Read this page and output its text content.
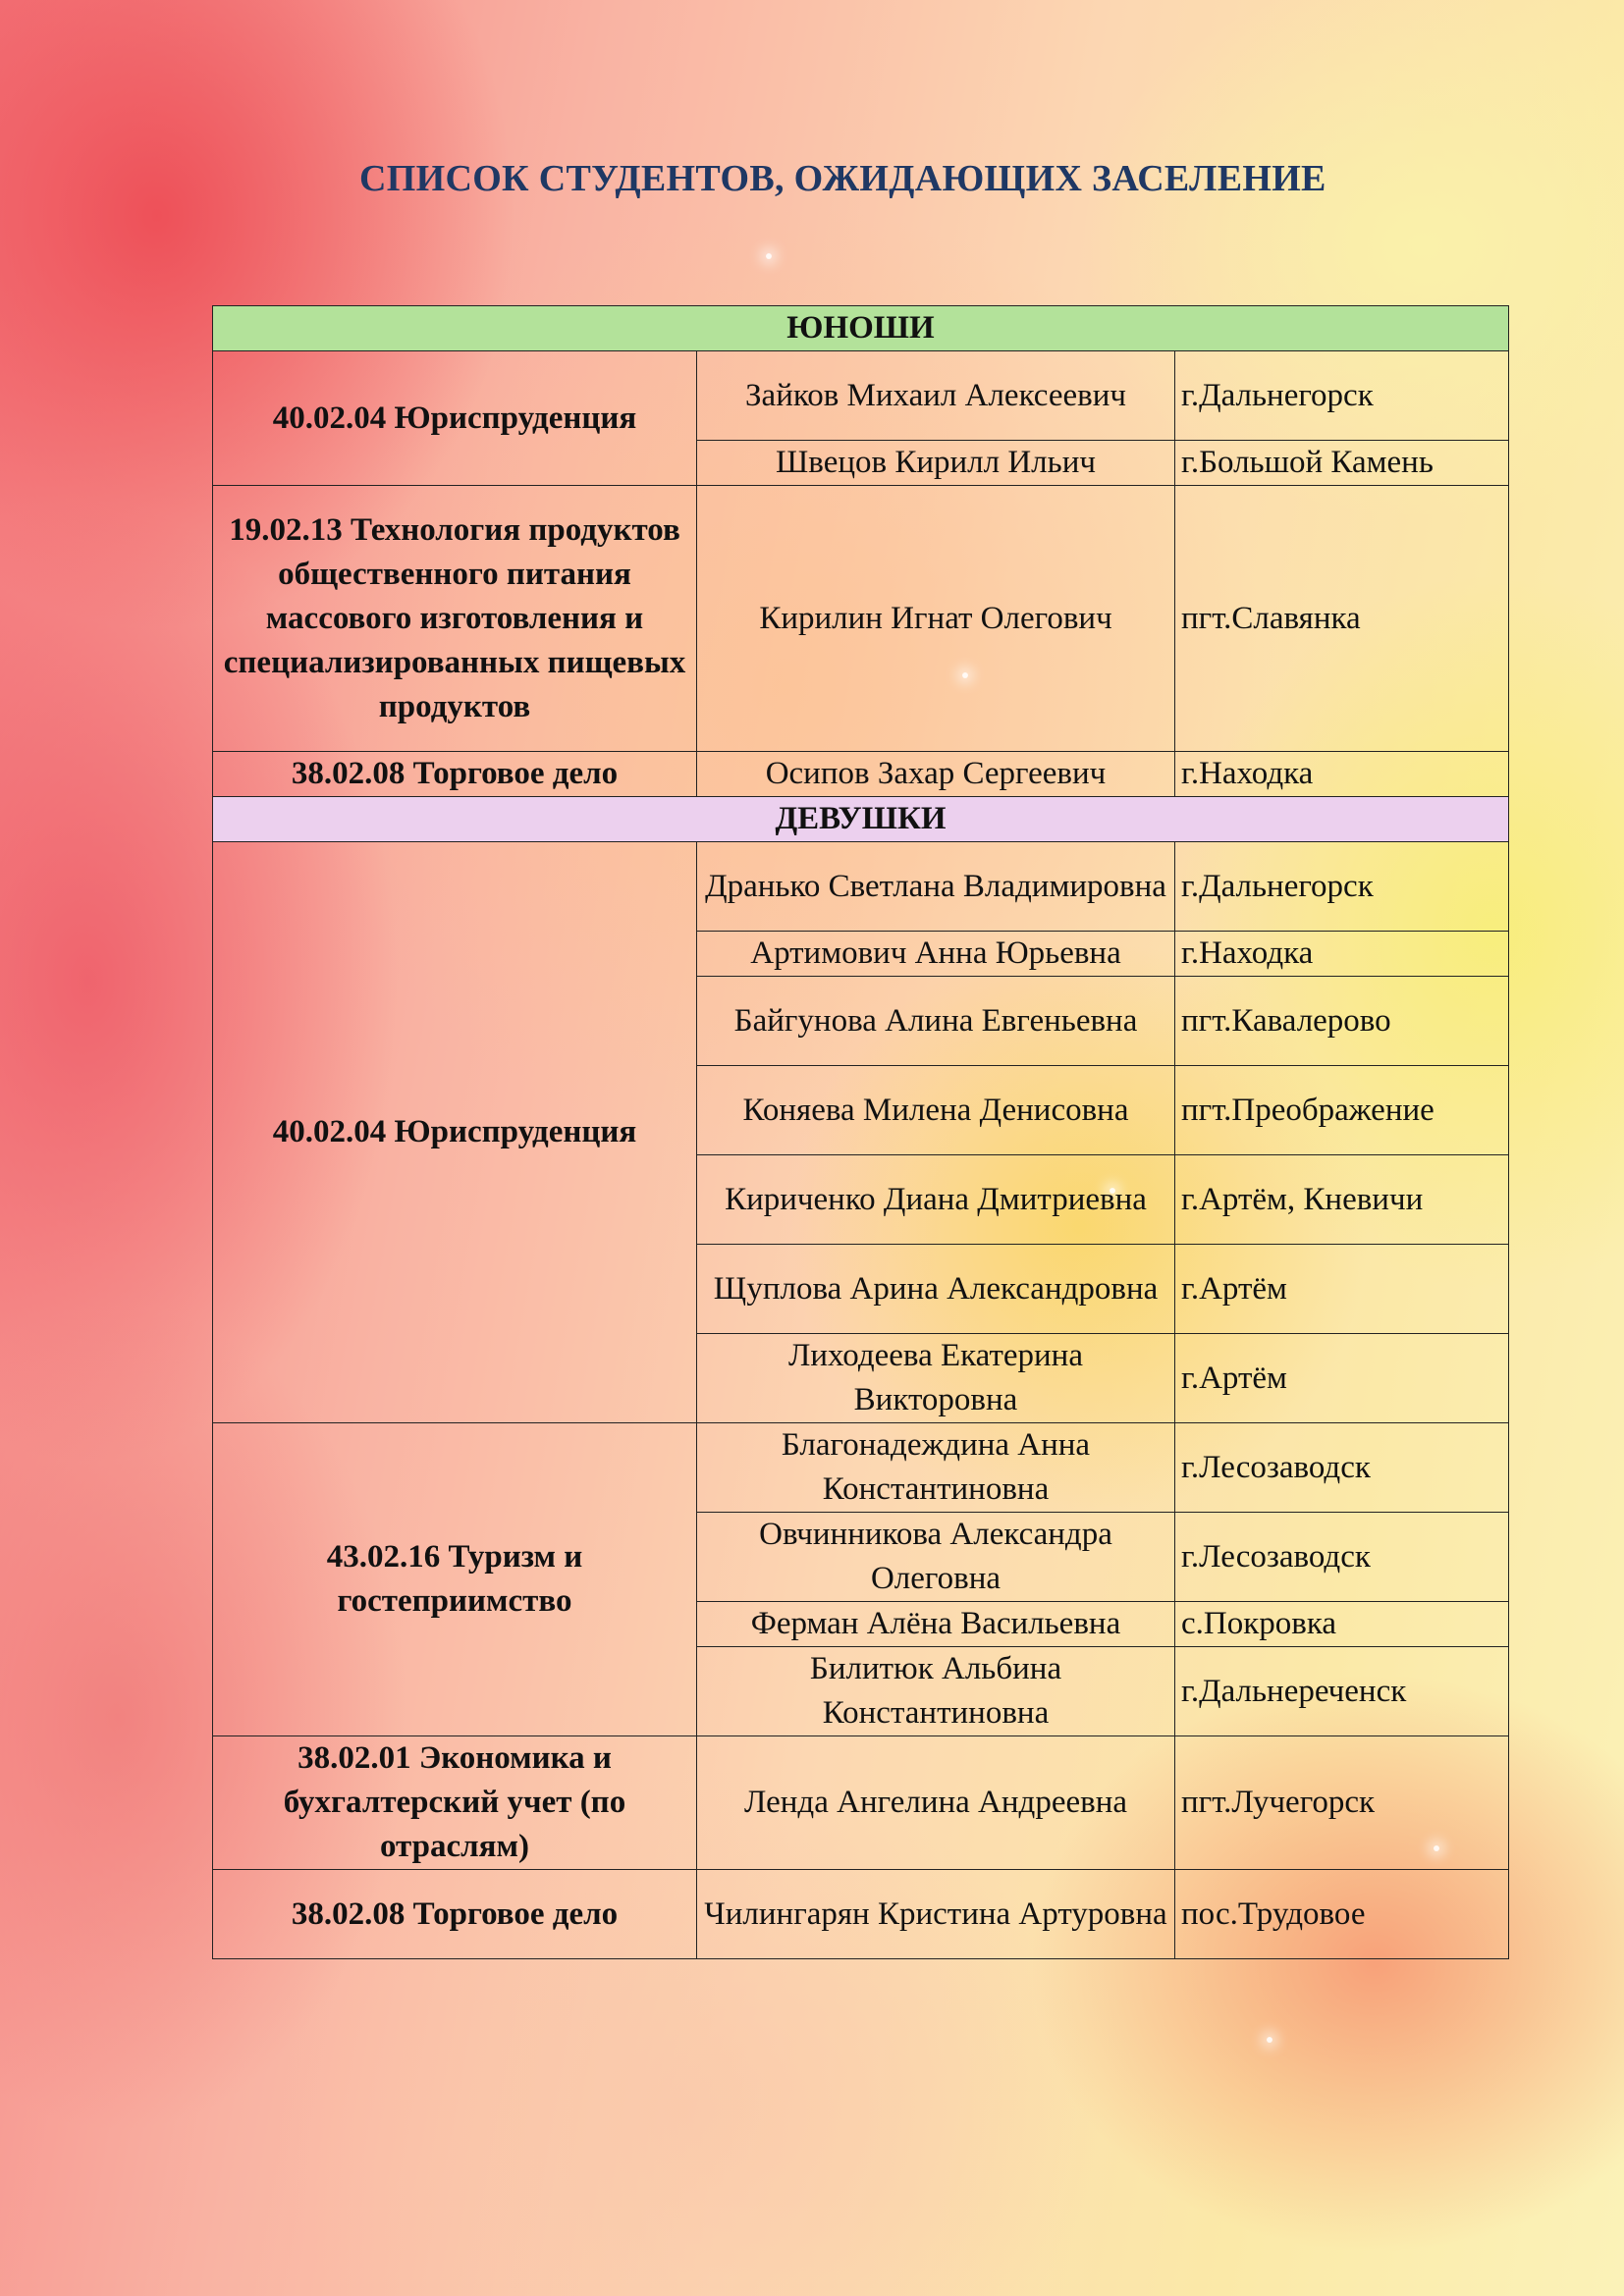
СПИСОК СТУДЕНТОВ, ОЖИДАЮЩИХ ЗАСЕЛЕНИЕ
ЮНОШИ		
40.02.04 Юриспруденция	Зайков Михаил Алексеевич	г.Дальнегорск
	Швецов Кирилл Ильич	г.Большой Камень
19.02.13 Технология продуктов общественного питания массового изготовления и специализированных пищевых продуктов	Кирилин Игнат Олегович	пгт.Славянка
38.02.08 Торговое дело	Осипов Захар Сергеевич	г.Находка
ДЕВУШКИ		
40.02.04 Юриспруденция	Дранько Светлана Владимировна	г.Дальнегорск
	Артимович Анна Юрьевна	г.Находка
	Байгунова Алина Евгеньевна	пгт.Кавалерово
	Коняева Милена Денисовна	пгт.Преображение
	Кириченко Диана Дмитриевна	г.Артём, Кневичи
	Щуплова Арина Александровна	г.Артём
	Лиходеева Екатерина Викторовна	г.Артём
43.02.16 Туризм и гостеприимство	Благонадеждина Анна Константиновна	г.Лесозаводск
	Овчинникова Александра Олеговна	г.Лесозаводск
	Ферман Алёна Васильевна	с.Покровка
	Билитюк Альбина Константиновна	г.Дальнереченск
38.02.01 Экономика и бухгалтерский учет (по отраслям)	Ленда Ангелина Андреевна	пгт.Лучегорск
38.02.08 Торговое дело	Чилингарян Кристина Артуровна	пос.Трудовое
